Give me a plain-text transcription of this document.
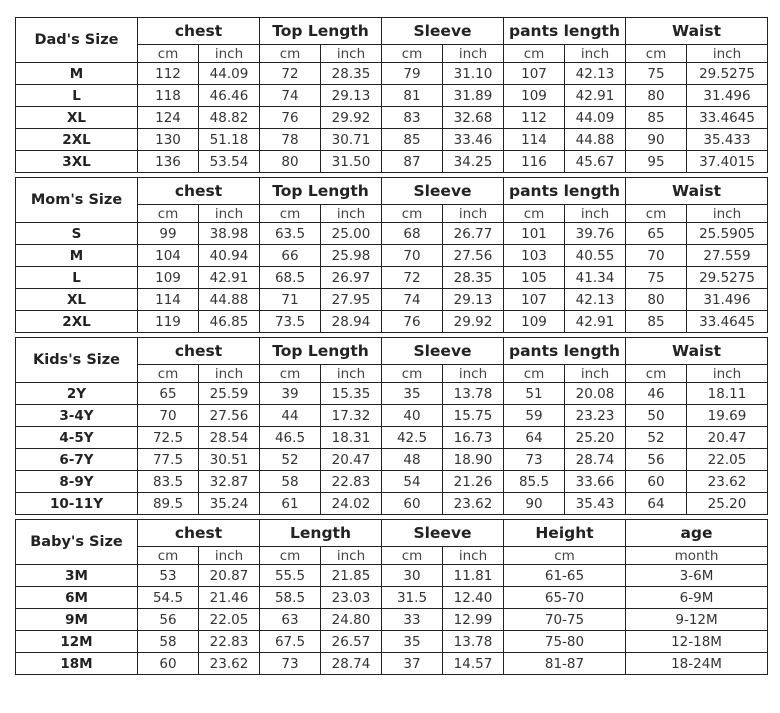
Dad's Size	chest		Top Length		Sleeve		pants length		Waist	
	cm	inch	cm	inch	cm	inch	cm	inch	cm	inch
M	112	44.09	72	28.35	79	31.10	107	42.13	75	29.5275
L	118	46.46	74	29.13	81	31.89	109	42.91	80	31.496
XL	124	48.82	76	29.92	83	32.68	112	44.09	85	33.4645
2XL	130	51.18	78	30.71	85	33.46	114	44.88	90	35.433
3XL	136	53.54	80	31.50	87	34.25	116	45.67	95	37.4015
Mom's Size	chest		Top Length		Sleeve		pants length		Waist	
	cm	inch	cm	inch	cm	inch	cm	inch	cm	inch
S	99	38.98	63.5	25.00	68	26.77	101	39.76	65	25.5905
M	104	40.94	66	25.98	70	27.56	103	40.55	70	27.559
L	109	42.91	68.5	26.97	72	28.35	105	41.34	75	29.5275
XL	114	44.88	71	27.95	74	29.13	107	42.13	80	31.496
2XL	119	46.85	73.5	28.94	76	29.92	109	42.91	85	33.4645
Kids's Size	chest		Top Length		Sleeve		pants length		Waist	
	cm	inch	cm	inch	cm	inch	cm	inch	cm	inch
2Y	65	25.59	39	15.35	35	13.78	51	20.08	46	18.11
3-4Y	70	27.56	44	17.32	40	15.75	59	23.23	50	19.69
4-5Y	72.5	28.54	46.5	18.31	42.5	16.73	64	25.20	52	20.47
6-7Y	77.5	30.51	52	20.47	48	18.90	73	28.74	56	22.05
8-9Y	83.5	32.87	58	22.83	54	21.26	85.5	33.66	60	23.62
10-11Y	89.5	35.24	61	24.02	60	23.62	90	35.43	64	25.20
Baby's Size	chest		Length		Sleeve		Height	age
	cm	inch	cm	inch	cm	inch	cm	month
3M	53	20.87	55.5	21.85	30	11.81	61-65	3-6M
6M	54.5	21.46	58.5	23.03	31.5	12.40	65-70	6-9M
9M	56	22.05	63	24.80	33	12.99	70-75	9-12M
12M	58	22.83	67.5	26.57	35	13.78	75-80	12-18M
18M	60	23.62	73	28.74	37	14.57	81-87	18-24M
